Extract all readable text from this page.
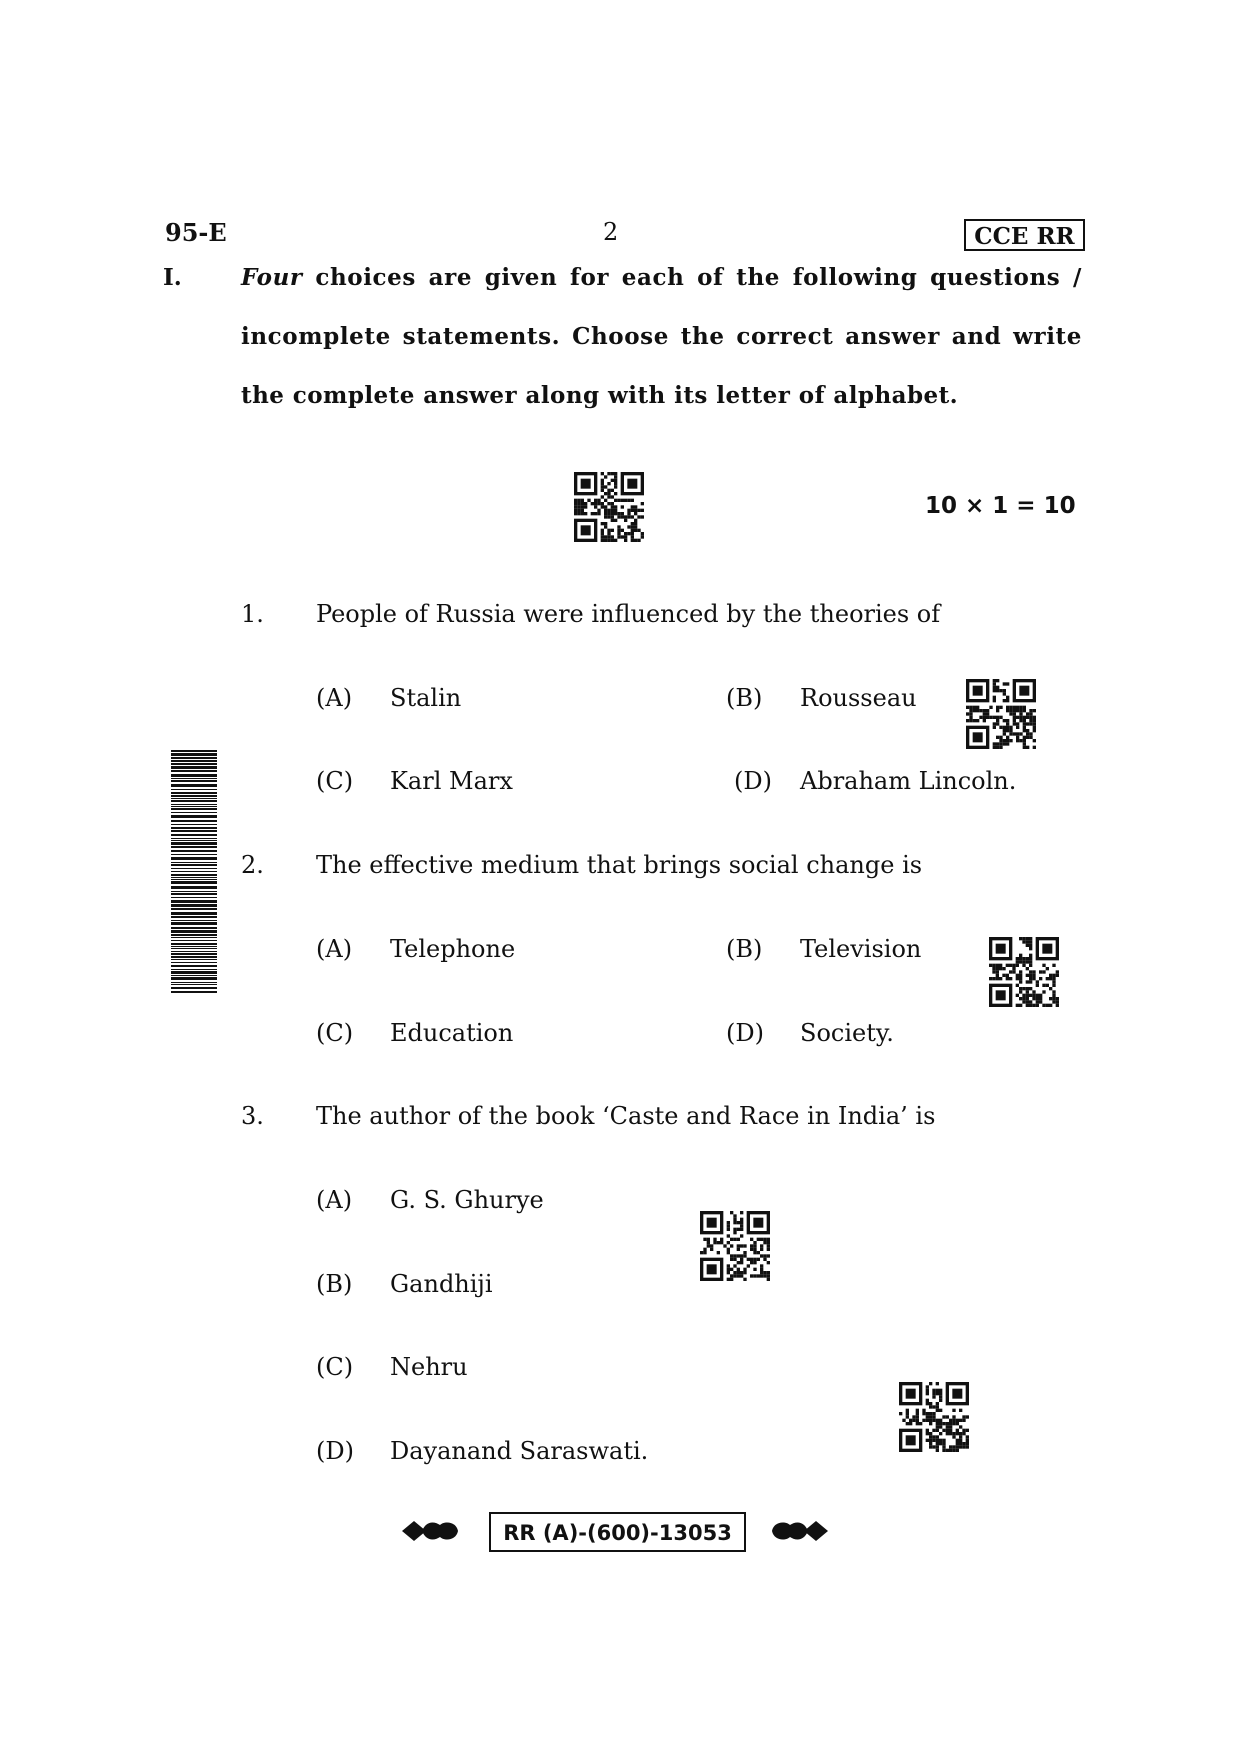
95-E	2	CCE RR
I.	Four choices are given for each of the following questions /
incomplete statements. Choose the correct answer and write
the complete answer along with its letter of alphabet.
10 × 1 = 10
1. People of Russia were influenced by the theories of
(A) Stalin	(B) Rousseau
(C) Karl Marx	(D) Abraham Lincoln.
2. The effective medium that brings social change is
(A) Telephone	(B) Television
(C) Education	(D) Society.
3. The author of the book ‘Caste and Race in India’ is
(A) G. S. Ghurye
(B) Gandhiji
(C) Nehru
(D) Dayanand Saraswati.
RR (A)-(600)-13053
